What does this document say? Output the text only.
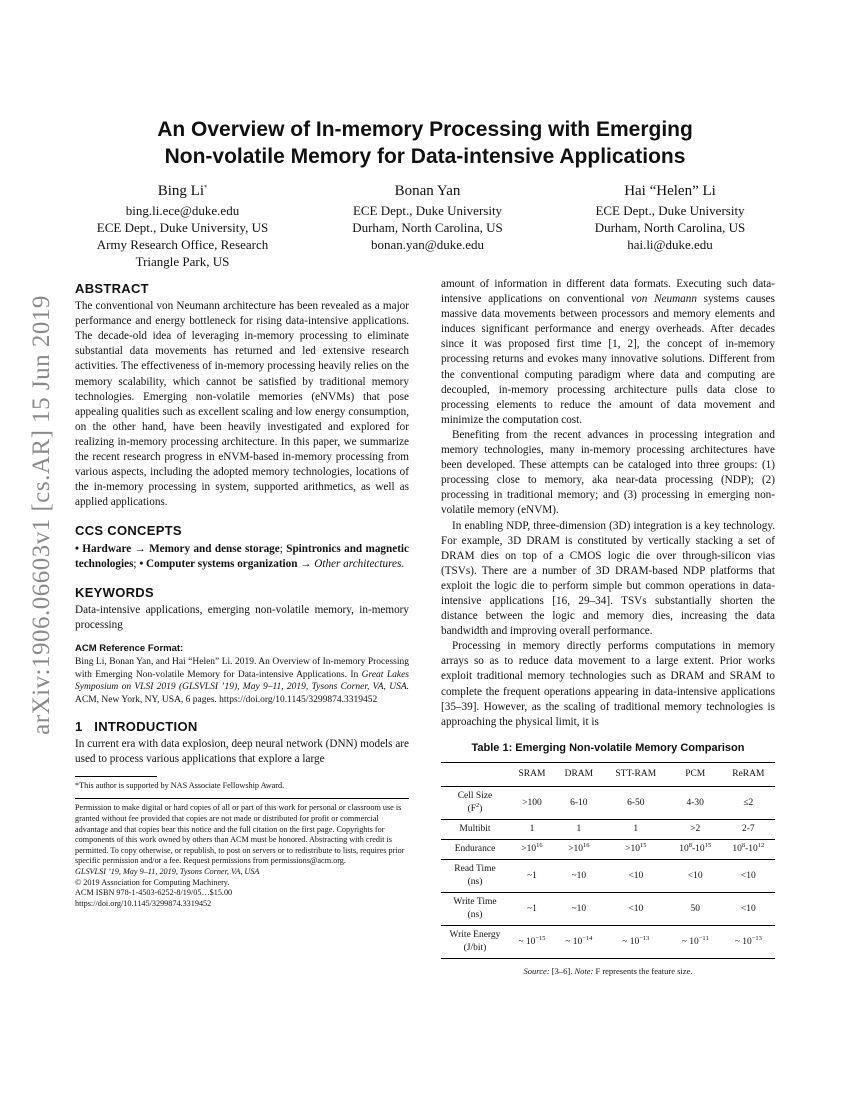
arXiv:1906.06603v1 [cs.AR] 15 Jun 2019
An Overview of In-memory Processing with Emerging
Non-volatile Memory for Data-intensive Applications
Bing Li*
bing.li.ece@duke.edu
ECE Dept., Duke University, US
Army Research Office, Research
Triangle Park, US
Bonan Yan
ECE Dept., Duke University
Durham, North Carolina, US
bonan.yan@duke.edu
Hai “Helen” Li
ECE Dept., Duke University
Durham, North Carolina, US
hai.li@duke.edu
ABSTRACT

The conventional von Neumann architecture has been revealed as a major performance and energy bottleneck for rising data-intensive applications. The decade-old idea of leveraging in-memory processing to eliminate substantial data movements has returned and led extensive research activities. The effectiveness of in-memory processing heavily relies on the memory scalability, which cannot be satisfied by traditional memory technologies. Emerging non-volatile memories (eNVMs) that pose appealing qualities such as excellent scaling and low energy consumption, on the other hand, have been heavily investigated and explored for realizing in-memory processing architecture. In this paper, we summarize the recent research progress in eNVM-based in-memory processing from various aspects, including the adopted memory technologies, locations of the in-memory processing in system, supported arithmetics, as well as applied applications.

CCS CONCEPTS

• Hardware → Memory and dense storage; Spintronics and magnetic technologies; • Computer systems organization → Other architectures.

KEYWORDS

Data-intensive applications, emerging non-volatile memory, in-memory processing

ACM Reference Format:

Bing Li, Bonan Yan, and Hai “Helen” Li. 2019. An Overview of In-memory Processing with Emerging Non-volatile Memory for Data-intensive Applications. In Great Lakes Symposium on VLSI 2019 (GLSVLSI ’19), May 9–11, 2019, Tysons Corner, VA, USA. ACM, New York, NY, USA, 6 pages. https://doi.org/10.1145/3299874.3319452

1 INTRODUCTION

In current era with data explosion, deep neural network (DNN) models are used to process various applications that explore a large

*This author is supported by NAS Associate Fellowship Award.
Permission to make digital or hard copies of all or part of this work for personal or classroom use is granted without fee provided that copies are not made or distributed for profit or commercial advantage and that copies bear this notice and the full citation on the first page. Copyrights for components of this work owned by others than ACM must be honored. Abstracting with credit is permitted. To copy otherwise, or republish, to post on servers or to redistribute to lists, requires prior specific permission and/or a fee. Request permissions from permissions@acm.org.
GLSVLSI ’19, May 9–11, 2019, Tysons Corner, VA, USA
© 2019 Association for Computing Machinery.
ACM ISBN 978-1-4503-6252-8/19/05…$15.00
https://doi.org/10.1145/3299874.3319452

amount of information in different data formats. Executing such data-intensive applications on conventional von Neumann systems causes massive data movements between processors and memory elements and induces significant performance and energy overheads. After decades since it was proposed first time [1, 2], the concept of in-memory processing returns and evokes many innovative solutions. Different from the conventional computing paradigm where data and computing are decoupled, in-memory processing architecture pulls data close to processing elements to reduce the amount of data movement and minimize the computation cost.

Benefiting from the recent advances in processing integration and memory technologies, many in-memory processing architectures have been developed. These attempts can be cataloged into three groups: (1) processing close to memory, aka near-data processing (NDP); (2) processing in traditional memory; and (3) processing in emerging non-volatile memory (eNVM).

In enabling NDP, three-dimension (3D) integration is a key technology. For example, 3D DRAM is constituted by vertically stacking a set of DRAM dies on top of a CMOS logic die over through-silicon vias (TSVs). There are a number of 3D DRAM-based NDP platforms that exploit the logic die to perform simple but common operations in data-intensive applications [16, 29–34]. TSVs substantially shorten the distance between the logic and memory dies, increasing the data bandwidth and improving overall performance.

Processing in memory directly performs computations in memory arrays so as to reduce data movement to a large extent. Prior works exploit traditional memory technologies such as DRAM and SRAM to complete the frequent operations appearing in data-intensive applications [35–39]. However, as the scaling of traditional memory technologies is approaching the physical limit, it is

Table 1: Emerging Non-volatile Memory Comparison
	SRAM	DRAM	STT-RAM	PCM	ReRAM

Cell Size
$(F^2)$	>100	6-10	6-50	4-30	≤2
Multibit	1	1	1	>2	2-7
Endurance	$>10^{16}$	$>10^{16}$	$>10^{15}$	$10^8-10^{15}$	$10^8-10^{12}$

Read Time
(ns)	~1	~10	<10	<10	<10

Write Time
(ns)	~1	~10	<10	50	<10

Write Energy
(J/bit)	~ $10^{-15}$	~ $10^{-14}$	~ $10^{-13}$	~ $10^{-11}$	~ $10^{-13}$
Source: [3–6]. Note: F represents the feature size.
